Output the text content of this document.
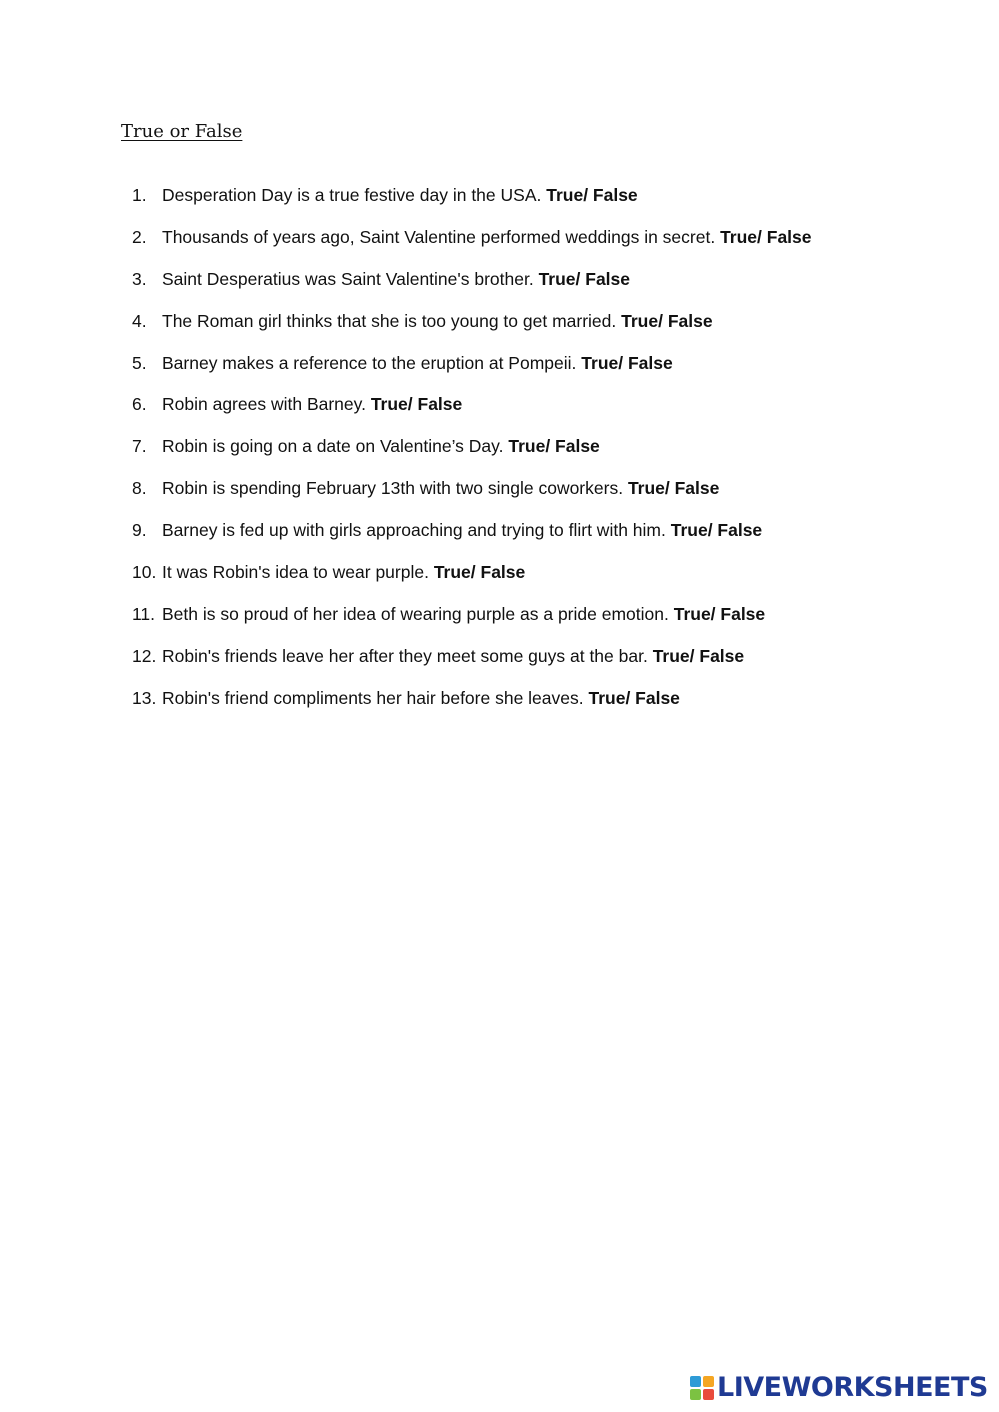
True or False
1. Desperation Day is a true festive day in the USA. True/ False
2. Thousands of years ago, Saint Valentine performed weddings in secret. True/ False
3. Saint Desperatius was Saint Valentine's brother. True/ False
4. The Roman girl thinks that she is too young to get married. True/ False
5. Barney makes a reference to the eruption at Pompeii. True/ False
6. Robin agrees with Barney. True/ False
7. Robin is going on a date on Valentine’s Day. True/ False
8. Robin is spending February 13th with two single coworkers. True/ False
9. Barney is fed up with girls approaching and trying to flirt with him. True/ False
10. It was Robin's idea to wear purple. True/ False
11. Beth is so proud of her idea of wearing purple as a pride emotion. True/ False
12. Robin's friends leave her after they meet some guys at the bar. True/ False
13. Robin's friend compliments her hair before she leaves. True/ False
LIVEWORKSHEETS
